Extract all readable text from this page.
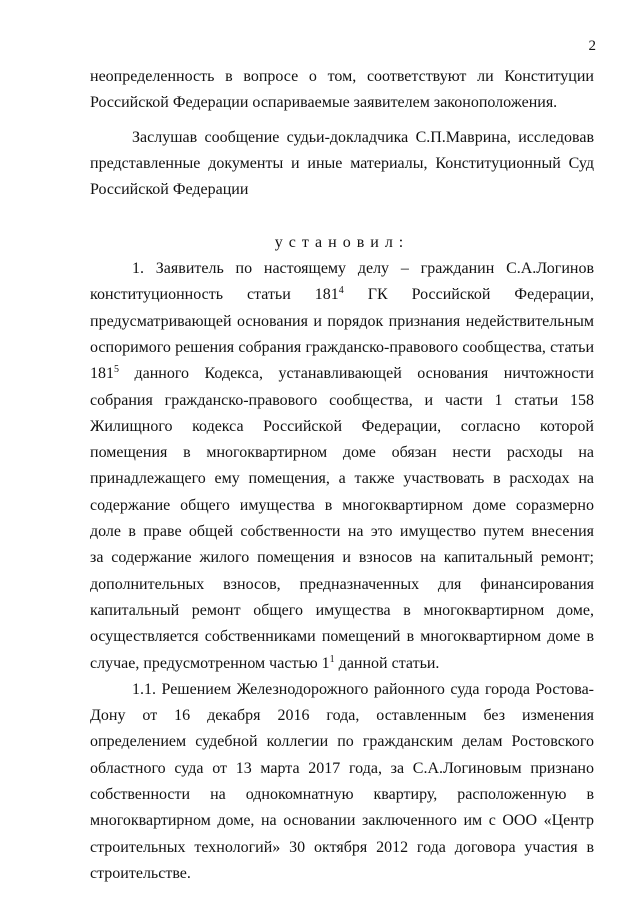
2
неопределенность в вопросе о том, соответствуют ли Конституции
Российской Федерации оспариваемые заявителем законоположения.
Заслушав сообщение судьи-докладчика С.П.Маврина, исследовав
представленные документы и иные материалы, Конституционный Суд
Российской Федерации
установил:
1. Заявитель по настоящему делу – гражданин С.А.Логинов
конституционность статьи $181^4$ ГК Российской Федерации,
предусматривающей основания и порядок признания недействительным
оспоримого решения собрания гражданско-правового сообщества, статьи
$181^5$ данного Кодекса, устанавливающей основания ничтожности
собрания гражданско-правового сообщества, и части 1 статьи 158
Жилищного кодекса Российской Федерации, согласно которой
помещения в многоквартирном доме обязан нести расходы на
принадлежащего ему помещения, а также участвовать в расходах на
содержание общего имущества в многоквартирном доме соразмерно
доле в праве общей собственности на это имущество путем внесения
за содержание жилого помещения и взносов на капитальный ремонт;
дополнительных взносов, предназначенных для финансирования
капитальный ремонт общего имущества в многоквартирном доме,
осуществляется собственниками помещений в многоквартирном доме в
случае, предусмотренном частью $1^1$ данной статьи.
1.1. Решением Железнодорожного районного суда города Ростова-
Дону от 16 декабря 2016 года, оставленным без изменения
определением судебной коллегии по гражданским делам Ростовского
областного суда от 13 марта 2017 года, за С.А.Логиновым признано
собственности на однокомнатную квартиру, расположенную в
многоквартирном доме, на основании заключенного им с ООО «Центр
строительных технологий» 30 октября 2012 года договора участия в
строительстве.
